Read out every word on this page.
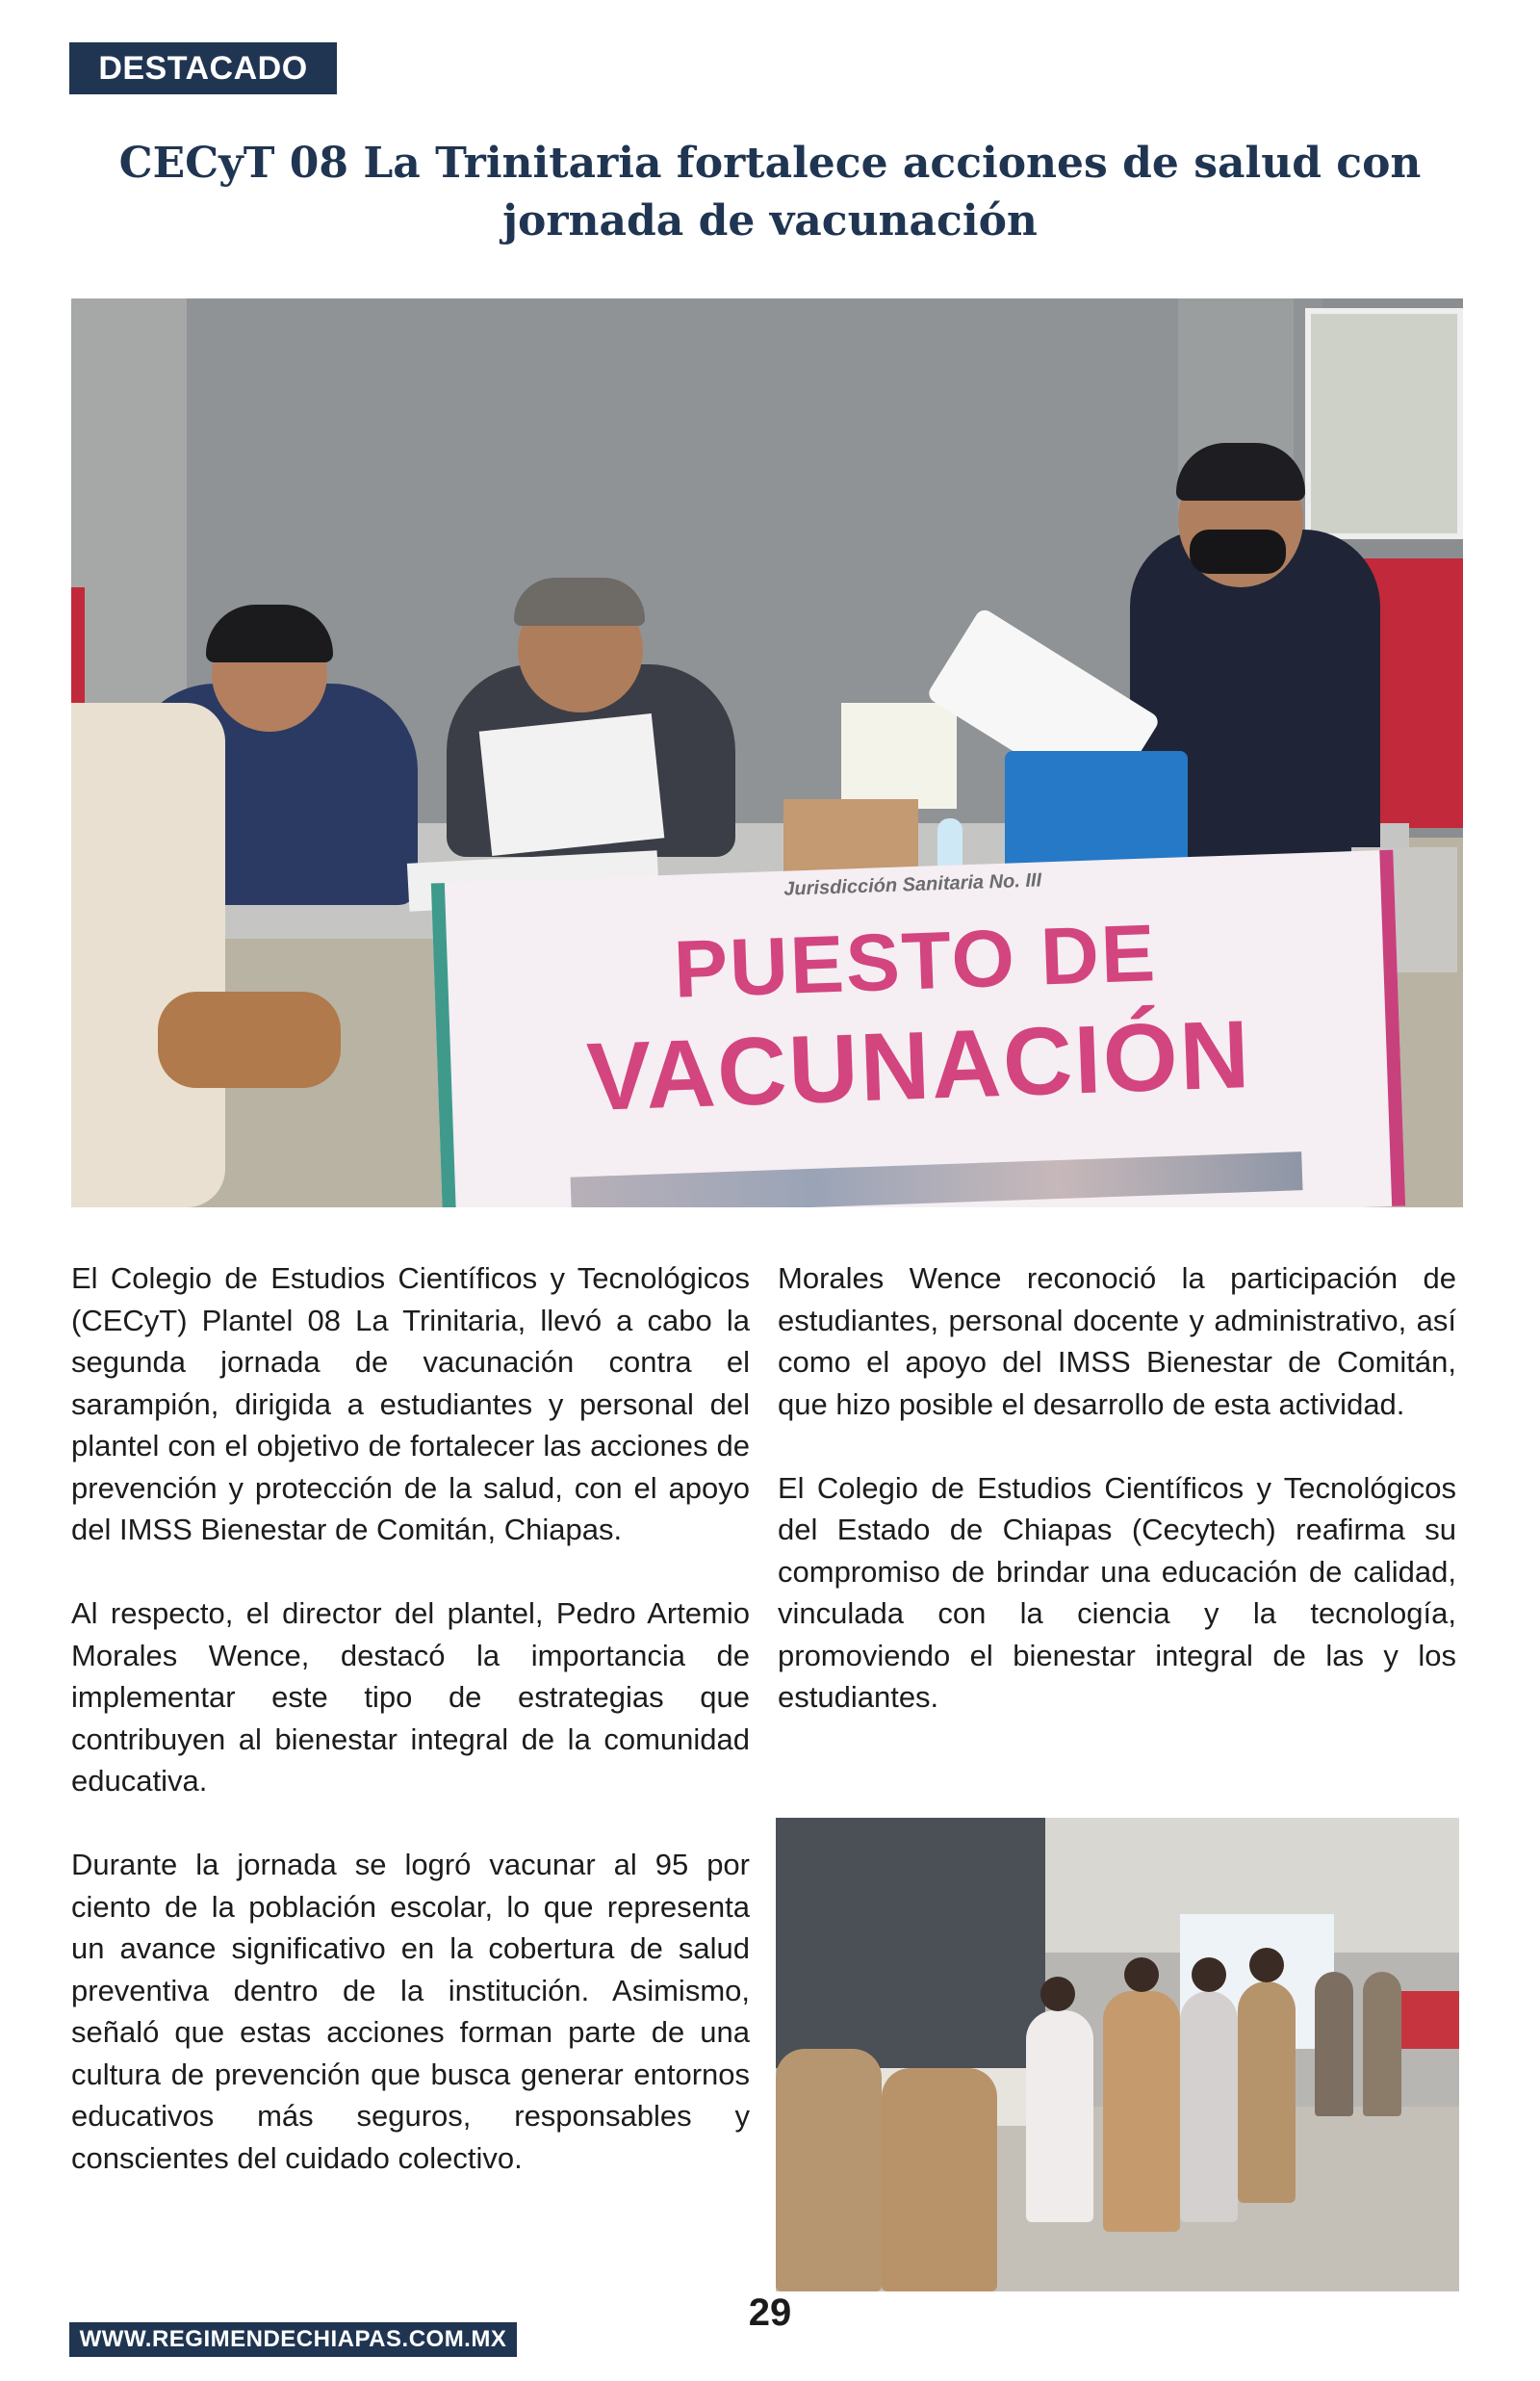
DESTACADO
CECyT 08 La Trinitaria fortalece acciones de salud con jornada de vacunación
Jurisdicción Sanitaria No. III
PUESTO DE
VACUNACIÓN

El Colegio de Estudios Científicos y Tecnológicos (CECyT) Plantel 08 La Trinitaria, llevó a cabo la segunda jornada de vacunación contra el sarampión, dirigida a estudiantes y personal del plantel con el objetivo de fortalecer las acciones de prevención y protección de la salud, con el apoyo del IMSS Bienestar de Comitán, Chiapas.

Al respecto, el director del plantel, Pedro Artemio Morales Wence, destacó la importancia de implementar este tipo de estrategias que contribuyen al bienestar integral de la comunidad educativa.

Durante la jornada se logró vacunar al 95 por ciento de la población escolar, lo que representa un avance significativo en la cobertura de salud preventiva dentro de la institución. Asimismo, señaló que estas acciones forman parte de una cultura de prevención que busca generar entornos educativos más seguros, responsables y conscientes del cuidado colectivo.

Morales Wence reconoció la participación de estudiantes, personal docente y administrativo, así como el apoyo del IMSS Bienestar de Comitán, que hizo posible el desarrollo de esta actividad.

El Colegio de Estudios Científicos y Tecnológicos del Estado de Chiapas (Cecytech) reafirma su compromiso de brindar una educación de calidad, vinculada con la ciencia y la tecnología, promoviendo el bienestar integral de las y los estudiantes.

29
WWW.REGIMENDECHIAPAS.COM.MX
